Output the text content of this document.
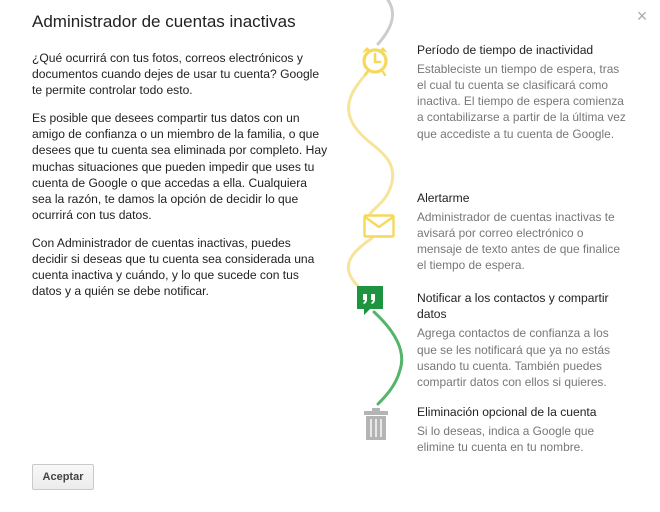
×
Administrador de cuentas inactivas

¿Qué ocurrirá con tus fotos, correos electrónicos y documentos cuando dejes de usar tu cuenta? Google te permite controlar todo esto.

Es posible que desees compartir tus datos con un amigo de confianza o un miembro de la familia, o que desees que tu cuenta sea eliminada por completo. Hay muchas situaciones que pueden impedir que uses tu cuenta de Google o que accedas a ella. Cualquiera sea la razón, te damos la opción de decidir lo que ocurrirá con tus datos.

Con Administrador de cuentas inactivas, puedes decidir si deseas que tu cuenta sea considerada una cuenta inactiva y cuándo, y lo que sucede con tus datos y a quién se debe notificar.

Período de tiempo de inactividad

Estableciste un tiempo de espera, tras el cual tu cuenta se clasificará como inactiva. El tiempo de espera comienza a contabilizarse a partir de la última vez que accediste a tu cuenta de Google.

Alertarme

Administrador de cuentas inactivas te avisará por correo electrónico o mensaje de texto antes de que finalice el tiempo de espera.

Notificar a los contactos y compartir datos

Agrega contactos de confianza a los que se les notificará que ya no estás usando tu cuenta. También puedes compartir datos con ellos si quieres.

Eliminación opcional de la cuenta

Si lo deseas, indica a Google que elimine tu cuenta en tu nombre.

Aceptar
